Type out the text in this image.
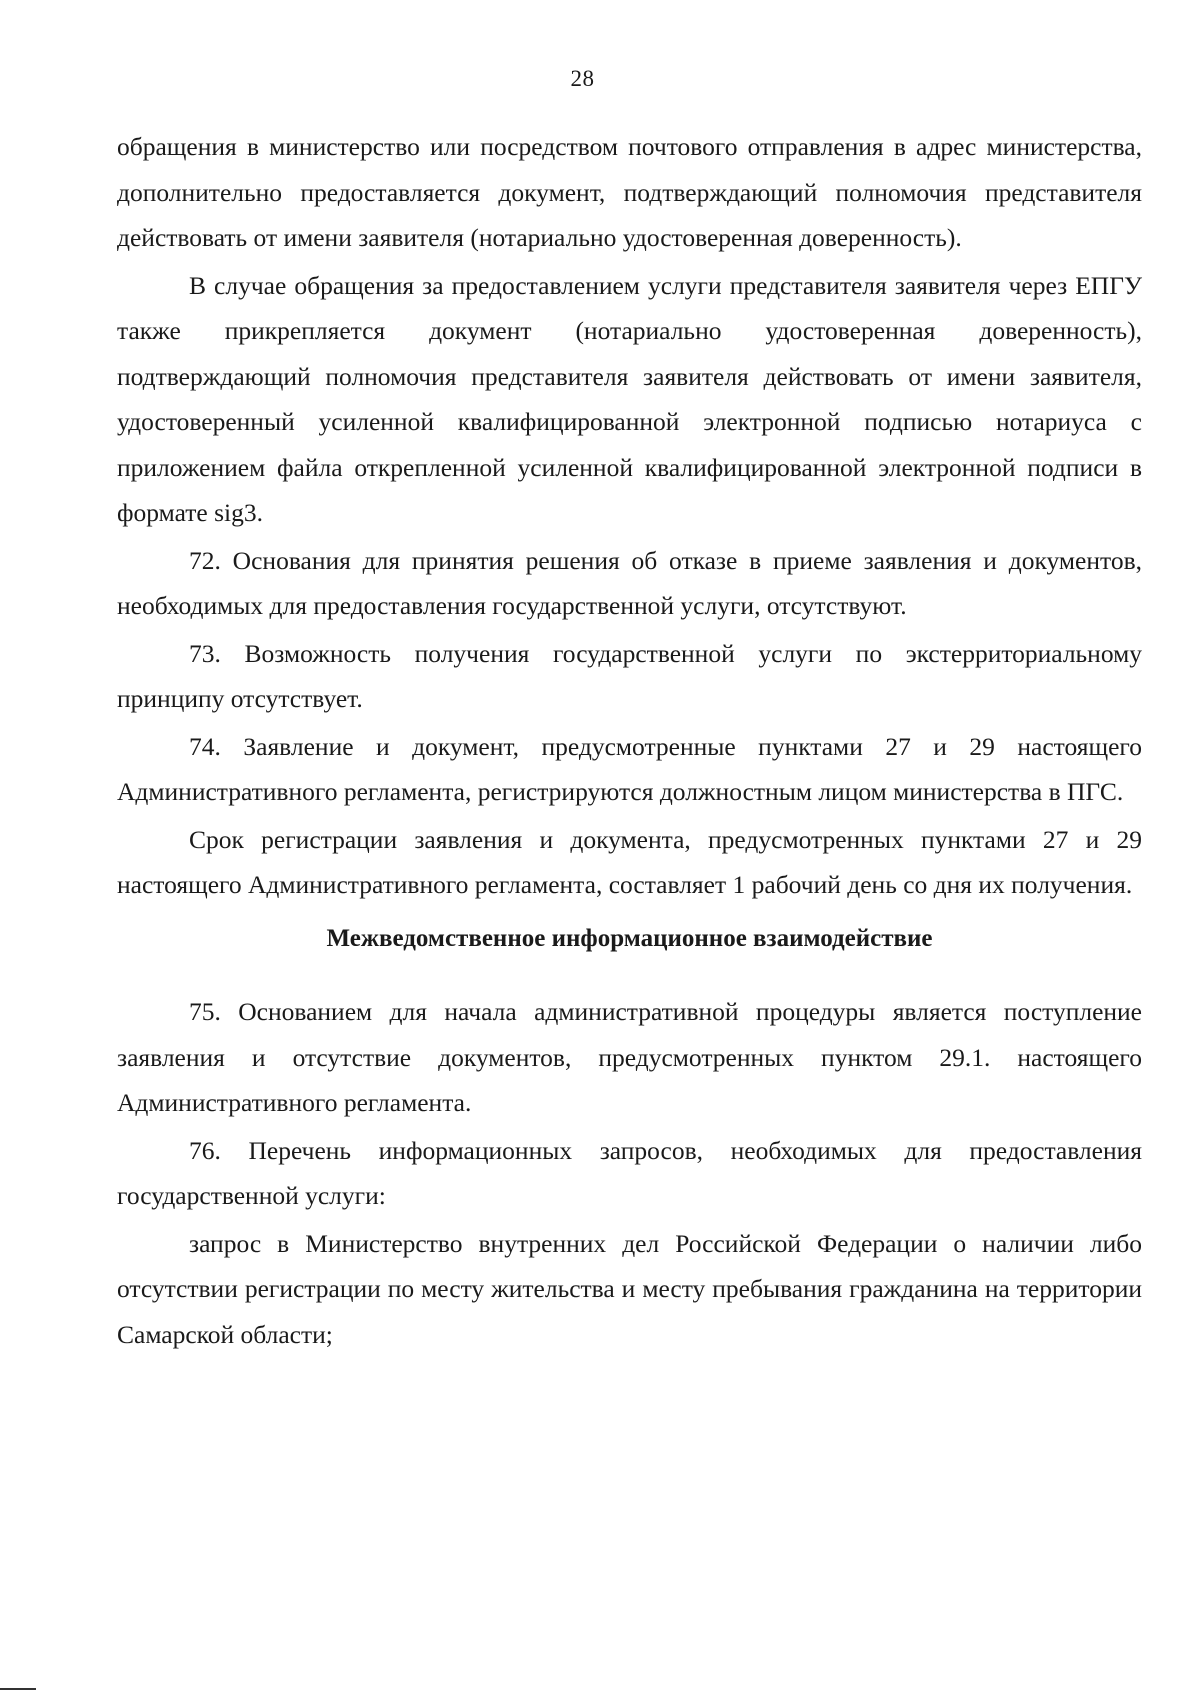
28

обращения в министерство или посредством почтового отправления в адрес министерства, дополнительно предоставляется документ, подтверждающий полномочия представителя действовать от имени заявителя (нотариально удостоверенная доверенность).

В случае обращения за предоставлением услуги представителя заявителя через ЕПГУ также прикрепляется документ (нотариально удостоверенная доверенность), подтверждающий полномочия представителя заявителя действовать от имени заявителя, удостоверенный усиленной квалифицированной электронной подписью нотариуса с приложением файла открепленной усиленной квалифицированной электронной подписи в формате sig3.

72. Основания для принятия решения об отказе в приеме заявления и документов, необходимых для предоставления государственной услуги, отсутствуют.

73. Возможность получения государственной услуги по экстерриториальному принципу отсутствует.

74. Заявление и документ, предусмотренные пунктами 27 и 29 настоящего Административного регламента, регистрируются должностным лицом министерства в ПГС.

Срок регистрации заявления и документа, предусмотренных пунктами 27 и 29 настоящего Административного регламента, составляет 1 рабочий день со дня их получения.

Межведомственное информационное взаимодействие

75. Основанием для начала административной процедуры является поступление заявления и отсутствие документов, предусмотренных пунктом 29.1. настоящего Административного регламента.

76. Перечень информационных запросов, необходимых для предоставления государственной услуги:

запрос в Министерство внутренних дел Российской Федерации о наличии либо отсутствии регистрации по месту жительства и месту пребывания гражданина на территории Самарской области;
